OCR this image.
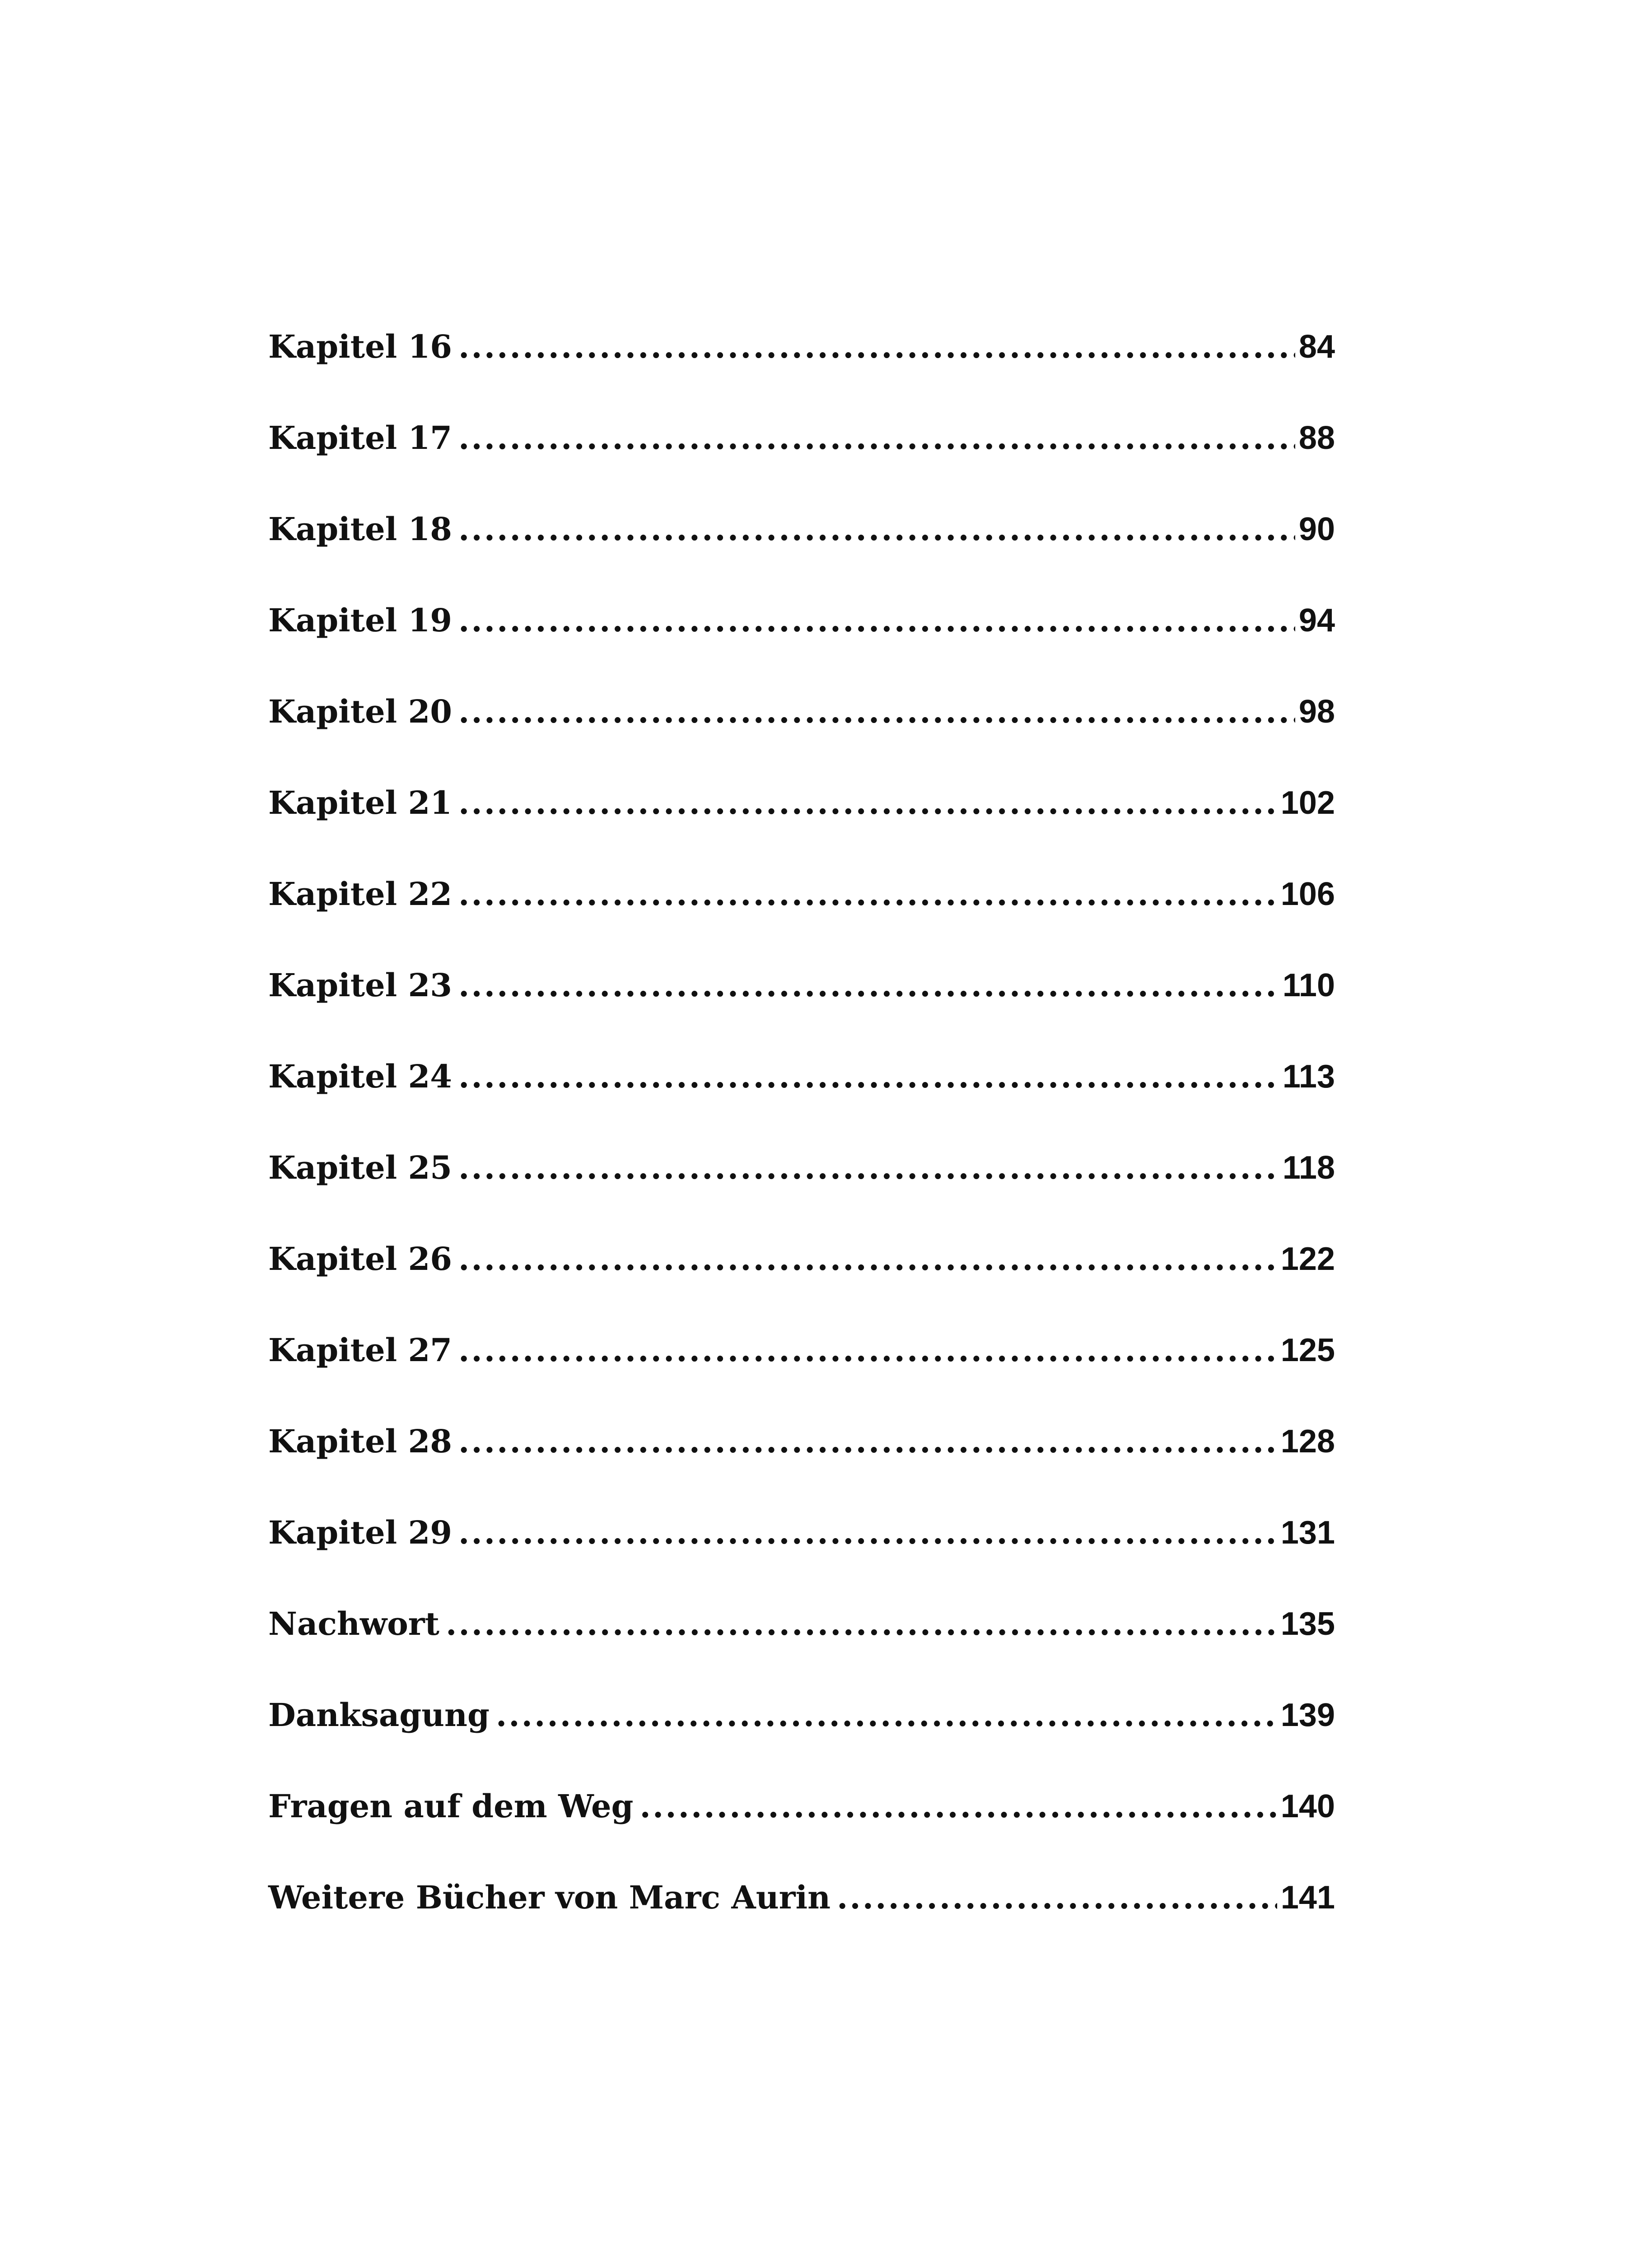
Kapitel 16 .....	84
Kapitel 17 .....	88
Kapitel 18 .....	90
Kapitel 19 .....	94
Kapitel 20 .....	98
Kapitel 21 .....	102
Kapitel 22 .....	106
Kapitel 23 .....	110
Kapitel 24 .....	113
Kapitel 25 .....	118
Kapitel 26 .....	122
Kapitel 27 .....	125
Kapitel 28 .....	128
Kapitel 29 .....	131
Nachwort .....	135
Danksagung .....	139
Fragen auf dem Weg .....	140
Weitere Bücher von Marc Aurin .....	141
